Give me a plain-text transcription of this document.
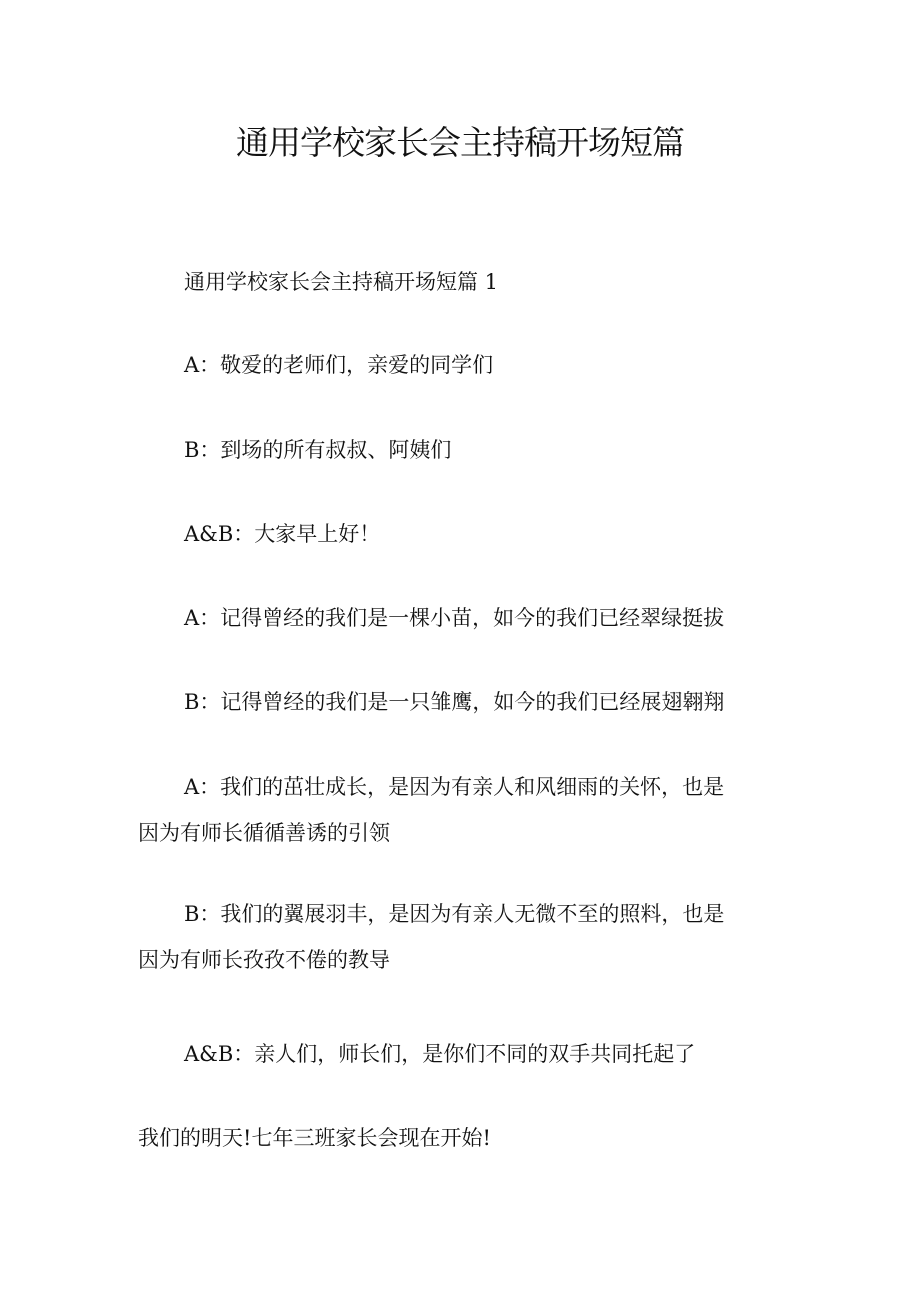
通用学校家长会主持稿开场短篇

通用学校家长会主持稿开场短篇 1

A：敬爱的老师们，亲爱的同学们

B：到场的所有叔叔、阿姨们

A&B：大家早上好！

A：记得曾经的我们是一棵小苗，如今的我们已经翠绿挺拔

B：记得曾经的我们是一只雏鹰，如今的我们已经展翅翱翔

A：我们的茁壮成长，是因为有亲人和风细雨的关怀，也是

因为有师长循循善诱的引领

B：我们的翼展羽丰，是因为有亲人无微不至的照料，也是

因为有师长孜孜不倦的教导

A&B：亲人们，师长们，是你们不同的双手共同托起了

我们的明天!七年三班家长会现在开始!
